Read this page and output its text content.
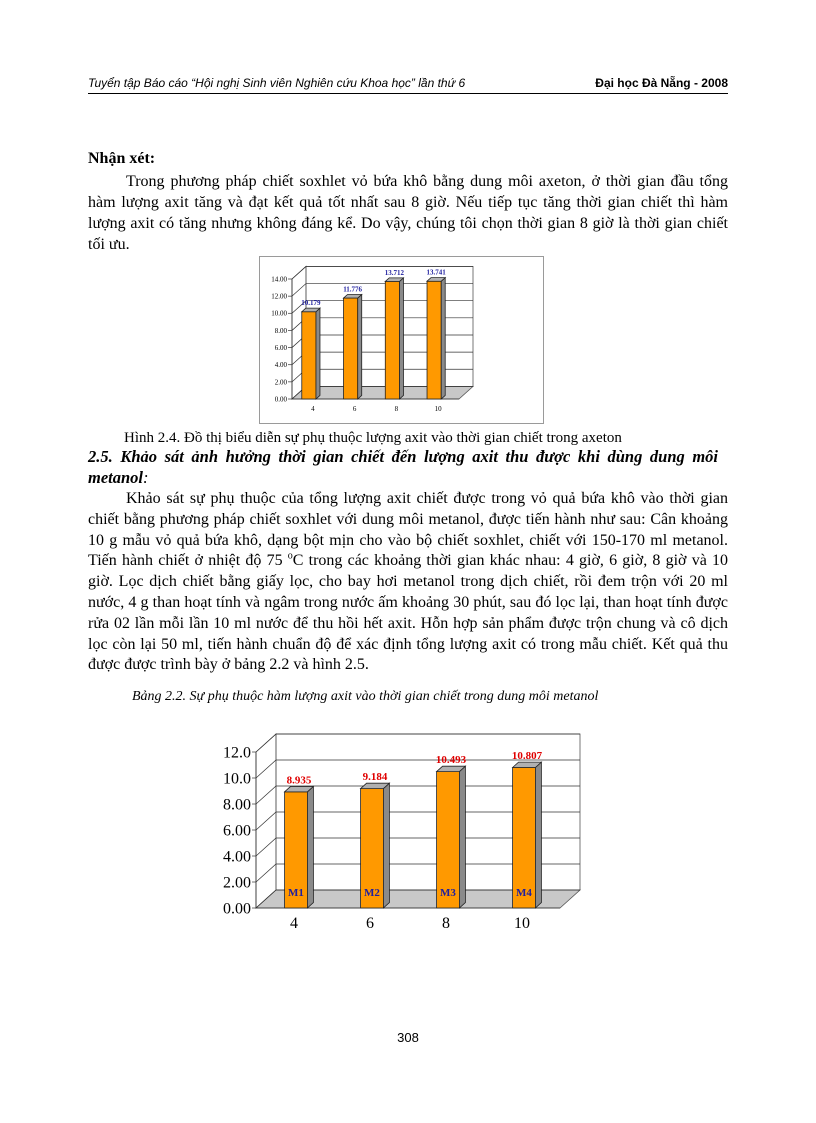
Tuyển tập Báo cáo “Hội nghị Sinh viên Nghiên cứu Khoa học” lần thứ 6	Đại học Đà Nẵng - 2008
Nhận xét:
Trong phương pháp chiết soxhlet vỏ bứa khô bằng dung môi axeton, ở thời gian đầu tổng hàm lượng axit tăng và đạt kết quả tốt nhất sau 8 giờ. Nếu tiếp tục tăng thời gian chiết thì hàm lượng axit có tăng nhưng không đáng kể. Do vậy, chúng tôi chọn thời gian 8 giờ là thời gian chiết tối ưu.
0.00
2.00
4.00
6.00
8.00
10.00
12.00
14.00
10.179
4
11.776
6
13.712
8
13.741
10
Hình 2.4. Đồ thị biểu diễn sự phụ thuộc lượng axit vào thời gian chiết trong axeton
2.5. Khảo sát ảnh hưởng thời gian chiết đến lượng axit thu được khi dùng dung môi metanol:
Khảo sát sự phụ thuộc của tổng lượng axit chiết được trong vỏ quả bứa khô vào thời gian chiết bằng phương pháp chiết soxhlet với dung môi metanol, được tiến hành như sau: Cân khoảng 10 g mẫu vỏ quả bứa khô, dạng bột mịn cho vào bộ chiết soxhlet, chiết với 150-170 ml metanol. Tiến hành chiết ở nhiệt độ 75 $^o$C trong các khoảng thời gian khác nhau: 4 giờ, 6 giờ, 8 giờ và 10 giờ. Lọc dịch chiết bằng giấy lọc, cho bay hơi metanol trong dịch chiết, rồi đem trộn với 20 ml nước, 4 g than hoạt tính và ngâm trong nước ấm khoảng 30 phút, sau đó lọc lại, than hoạt tính được rửa 02 lần mỗi lần 10 ml nước để thu hồi hết axit. Hỗn hợp sản phẩm được trộn chung và cô dịch lọc còn lại 50 ml, tiến hành chuẩn độ để xác định tổng lượng axit có trong mẫu chiết. Kết quả thu được được trình bày ở bảng 2.2 và hình 2.5.
Bảng 2.2. Sự phụ thuộc hàm lượng axit vào thời gian chiết trong dung môi metanol
0.00
2.00
4.00
6.00
8.00
10.0
12.0
8.935
M1
4
9.184
M2
6
10.493
M3
8
10.807
M4
10
308
